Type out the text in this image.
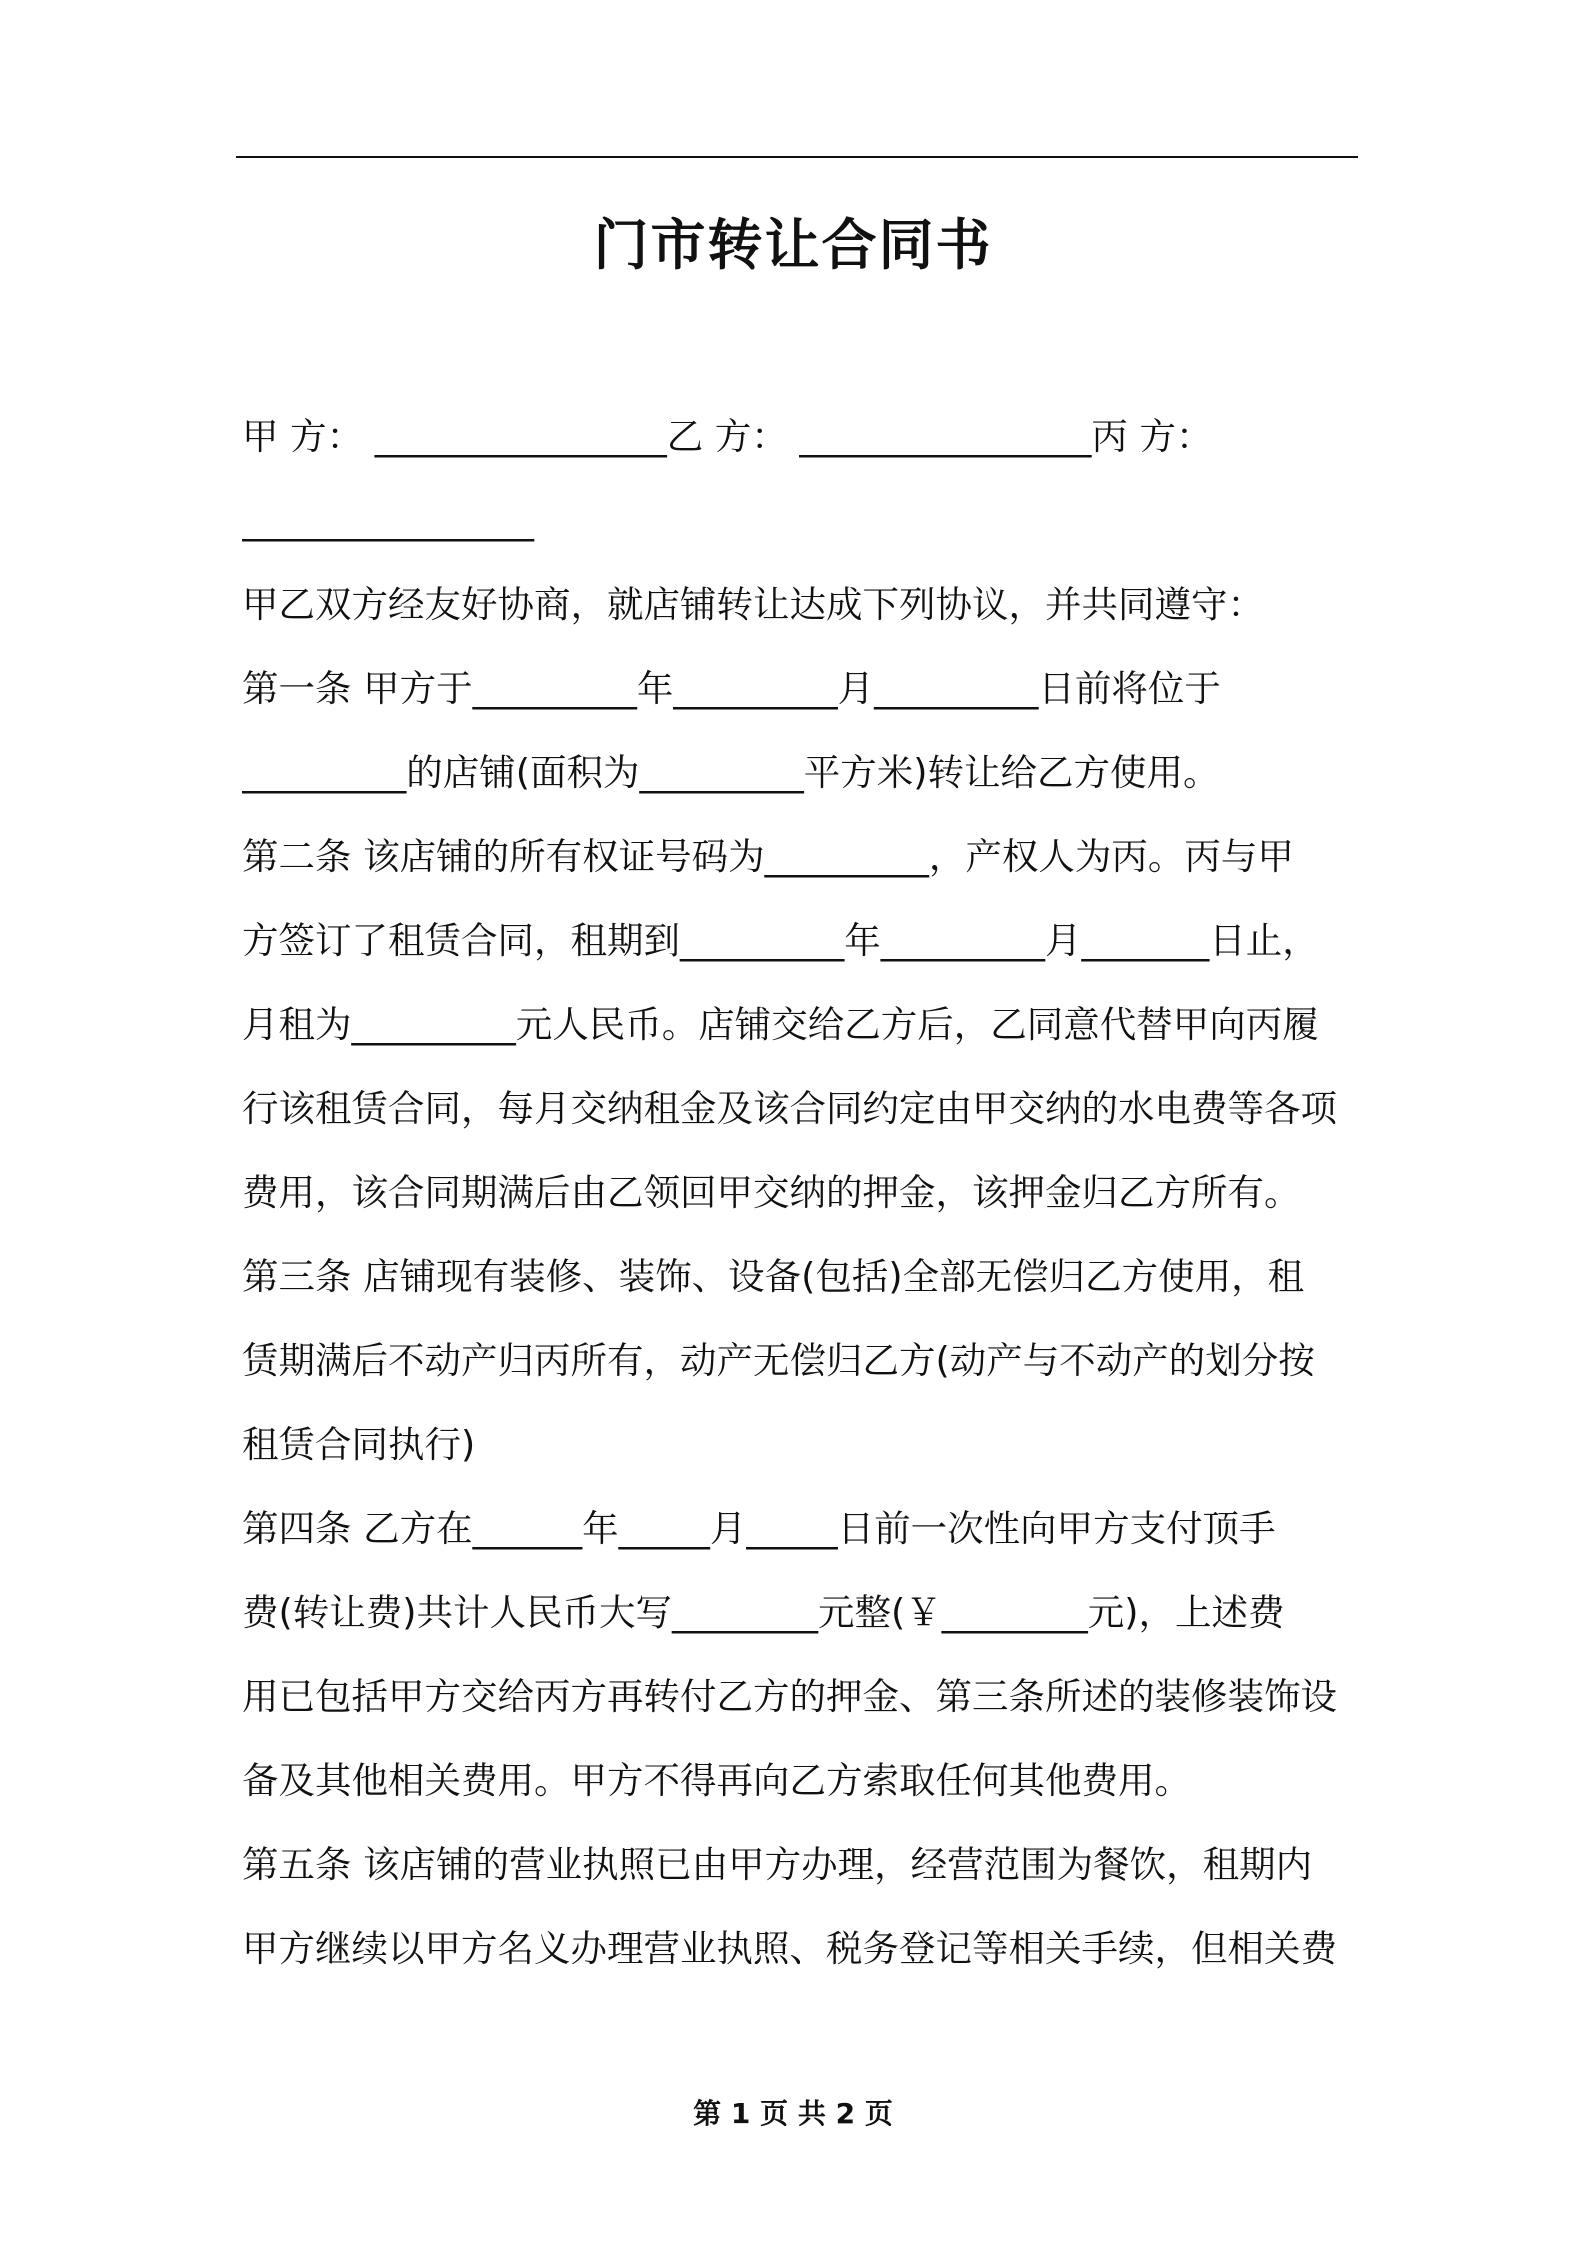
门市转让合同书
甲 方： ________________乙 方： ________________丙 方：
________________
甲乙双方经友好协商，就店铺转让达成下列协议，并共同遵守：
第一条 甲方于_________年_________月_________日前将位于
_________的店铺(面积为_________平方米)转让给乙方使用。
第二条 该店铺的所有权证号码为_________，产权人为丙。丙与甲
方签订了租赁合同，租期到_________年_________月_______日止，
月租为_________元人民币。店铺交给乙方后，乙同意代替甲向丙履
行该租赁合同，每月交纳租金及该合同约定由甲交纳的水电费等各项
费用，该合同期满后由乙领回甲交纳的押金，该押金归乙方所有。
第三条 店铺现有装修、装饰、设备(包括)全部无偿归乙方使用，租
赁期满后不动产归丙所有，动产无偿归乙方(动产与不动产的划分按
租赁合同执行)
第四条 乙方在______年_____月_____日前一次性向甲方支付顶手
费(转让费)共计人民币大写________元整(￥________元)，上述费
用已包括甲方交给丙方再转付乙方的押金、第三条所述的装修装饰设
备及其他相关费用。甲方不得再向乙方索取任何其他费用。
第五条 该店铺的营业执照已由甲方办理，经营范围为餐饮，租期内
甲方继续以甲方名义办理营业执照、税务登记等相关手续，但相关费
第 1 页 共 2 页
